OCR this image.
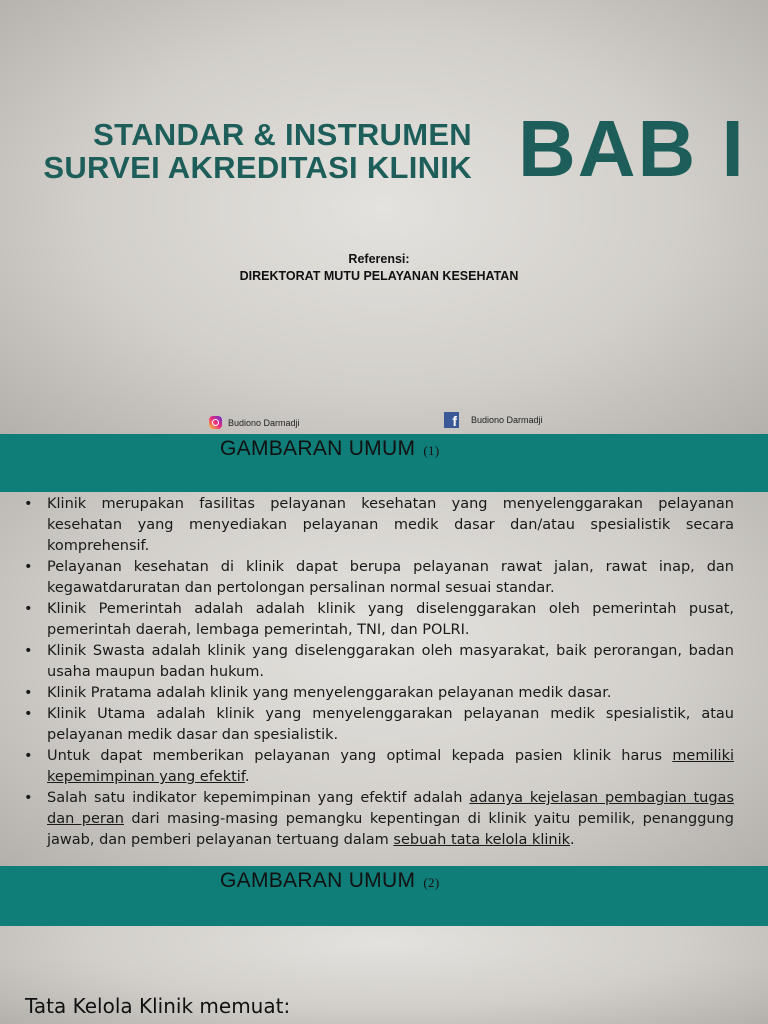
STANDAR & INSTRUMEN
SURVEI AKREDITASI KLINIK BAB I
Referensi:
DIREKTORAT MUTU PELAYANAN KESEHATAN
Budiono Darmadji	f Budiono Darmadji
GAMBARAN UMUM (1)
• Klinik merupakan fasilitas pelayanan kesehatan yang menyelenggarakan pelayanan kesehatan yang menyediakan pelayanan medik dasar dan/atau spesialistik secara komprehensif.
• Pelayanan kesehatan di klinik dapat berupa pelayanan rawat jalan, rawat inap, dan kegawatdaruratan dan pertolongan persalinan normal sesuai standar.
• Klinik Pemerintah adalah adalah klinik yang diselenggarakan oleh pemerintah pusat, pemerintah daerah, lembaga pemerintah, TNI, dan POLRI.
• Klinik Swasta adalah klinik yang diselenggarakan oleh masyarakat, baik perorangan, badan usaha maupun badan hukum.
• Klinik Pratama adalah klinik yang menyelenggarakan pelayanan medik dasar.
• Klinik Utama adalah klinik yang menyelenggarakan pelayanan medik spesialistik, atau pelayanan medik dasar dan spesialistik.
• Untuk dapat memberikan pelayanan yang optimal kepada pasien klinik harus memiliki kepemimpinan yang efektif.
• Salah satu indikator kepemimpinan yang efektif adalah adanya kejelasan pembagian tugas dan peran dari masing-masing pemangku kepentingan di klinik yaitu pemilik, penanggung jawab, dan pemberi pelayanan tertuang dalam sebuah tata kelola klinik.
GAMBARAN UMUM (2)
Tata Kelola Klinik memuat:
